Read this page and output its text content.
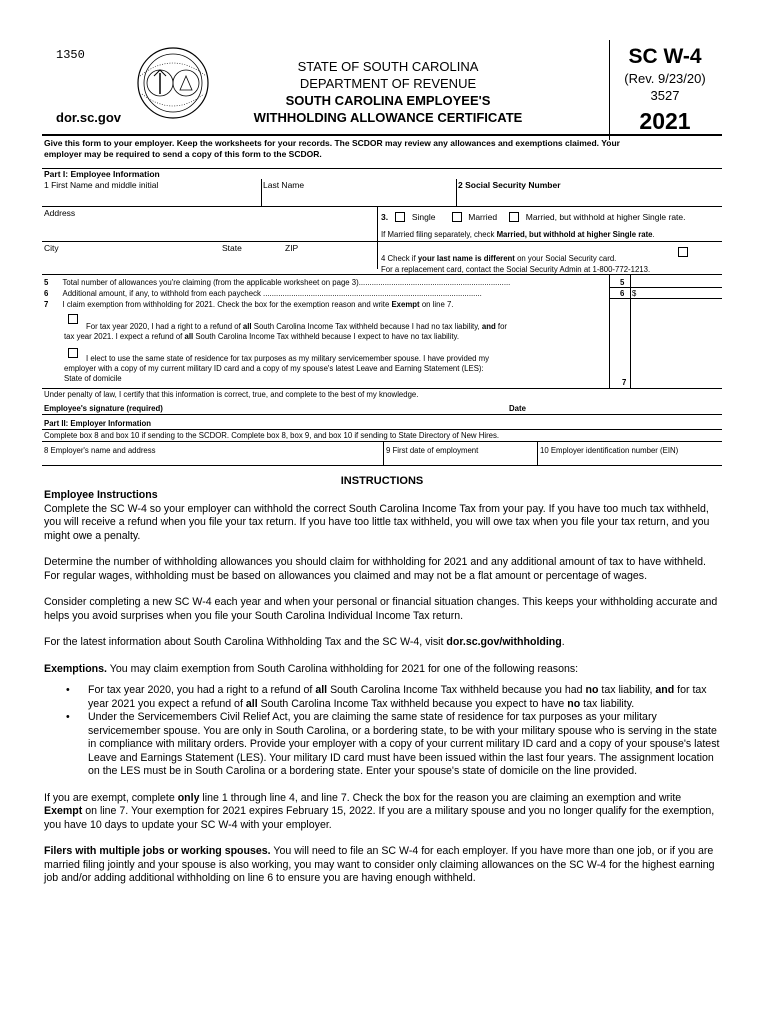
1350
dor.sc.gov
STATE OF SOUTH CAROLINA
DEPARTMENT OF REVENUE
SOUTH CAROLINA EMPLOYEE'S
WITHHOLDING ALLOWANCE CERTIFICATE
SC W-4
(Rev. 9/23/20)
3527
2021
Give this form to your employer. Keep the worksheets for your records. The SCDOR may review any allowances and exemptions claimed. Your
employer may be required to send a copy of this form to the SCDOR.
Part I: Employee Information
1 First Name and middle initial	Last Name	2 Social Security Number
Address	3.	Single	Married	Married, but withhold at higher Single rate.
If Married filing separately, check Married, but withhold at higher Single rate.
City	State	ZIP
4 Check if your last name is different on your Social Security card.
For a replacement card, contact the Social Security Admin at 1-800-772-1213.
5 Total number of allowances you're claiming (from the applicable worksheet on page 3)......................................................................	5
6 Additional amount, if any, to withhold from each paycheck .....................................................................................................	6 $
7 I claim exemption from withholding for 2021. Check the box for the exemption reason and write Exempt on line 7.
For tax year 2020, I had a right to a refund of all South Carolina Income Tax withheld because I had no tax liability, and for
tax year 2021. I expect a refund of all South Carolina Income Tax withheld because I expect to have no tax liability.
I elect to use the same state of residence for tax purposes as my military servicemember spouse. I have provided my
employer with a copy of my current military ID card and a copy of my spouse's latest Leave and Earning Statement (LES):
State of domicile	7
Under penalty of law, I certify that this information is correct, true, and complete to the best of my knowledge.
Employee's signature (required)	Date
Part II: Employer Information
Complete box 8 and box 10 if sending to the SCDOR. Complete box 8, box 9, and box 10 if sending to State Directory of New Hires.
8 Employer's name and address	9 First date of employment	10 Employer identification number (EIN)
INSTRUCTIONS
Employee Instructions
Complete the SC W-4 so your employer can withhold the correct South Carolina Income Tax from your pay. If you have too much tax withheld, you will receive a refund when you file your tax return. If you have too little tax withheld, you will owe tax when you file your tax return, and you might owe a penalty.
Determine the number of withholding allowances you should claim for withholding for 2021 and any additional amount of tax to have withheld. For regular wages, withholding must be based on allowances you claimed and may not be a flat amount or percentage of wages.
Consider completing a new SC W-4 each year and when your personal or financial situation changes. This keeps your withholding accurate and helps you avoid surprises when you file your South Carolina Individual Income Tax return.
For the latest information about South Carolina Withholding Tax and the SC W-4, visit dor.sc.gov/withholding.
Exemptions. You may claim exemption from South Carolina withholding for 2021 for one of the following reasons:
• For tax year 2020, you had a right to a refund of all South Carolina Income Tax withheld because you had no tax liability, and for tax year 2021 you expect a refund of all South Carolina Income Tax withheld because you expect to have no tax liability.
• Under the Servicemembers Civil Relief Act, you are claiming the same state of residence for tax purposes as your military servicemember spouse. You are only in South Carolina, or a bordering state, to be with your military spouse who is serving in the state in compliance with military orders. Provide your employer with a copy of your current military ID card and a copy of your spouse's latest Leave and Earnings Statement (LES). Your military ID card must have been issued within the last four years. The assignment location on the LES must be in South Carolina or a bordering state. Enter your spouse's state of domicile on the line provided.
If you are exempt, complete only line 1 through line 4, and line 7. Check the box for the reason you are claiming an exemption and write Exempt on line 7. Your exemption for 2021 expires February 15, 2022. If you are a military spouse and you no longer qualify for the exemption, you have 10 days to update your SC W-4 with your employer.
Filers with multiple jobs or working spouses. You will need to file an SC W-4 for each employer. If you have more than one job, or if you are married filing jointly and your spouse is also working, you may want to consider only claiming allowances on the SC W-4 for the highest earning job and/or adding additional withholding on line 6 to ensure you are having enough withheld.
